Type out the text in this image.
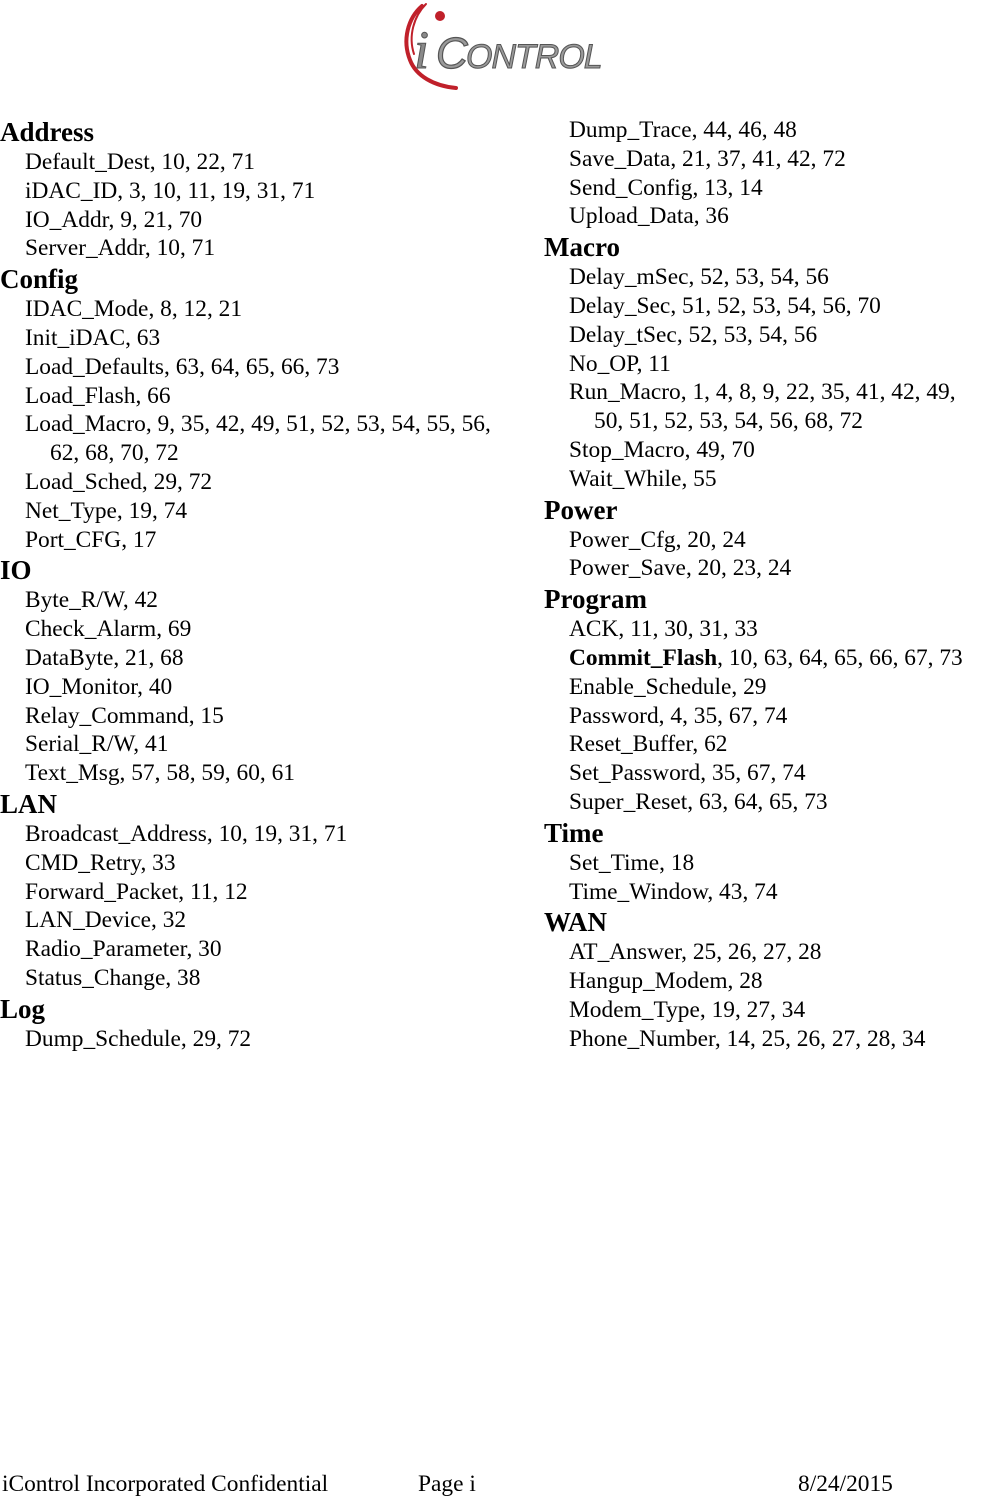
i C ONTROL
Address
Default_Dest, 10, 22, 71
iDAC_ID, 3, 10, 11, 19, 31, 71
IO_Addr, 9, 21, 70
Server_Addr, 10, 71
Config
IDAC_Mode, 8, 12, 21
Init_iDAC, 63
Load_Defaults, 63, 64, 65, 66, 73
Load_Flash, 66
Load_Macro, 9, 35, 42, 49, 51, 52, 53, 54, 55, 56, 62, 68, 70, 72
Load_Sched, 29, 72
Net_Type, 19, 74
Port_CFG, 17
IO
Byte_R/W, 42
Check_Alarm, 69
DataByte, 21, 68
IO_Monitor, 40
Relay_Command, 15
Serial_R/W, 41
Text_Msg, 57, 58, 59, 60, 61
LAN
Broadcast_Address, 10, 19, 31, 71
CMD_Retry, 33
Forward_Packet, 11, 12
LAN_Device, 32
Radio_Parameter, 30
Status_Change, 38
Log
Dump_Schedule, 29, 72
Dump_Trace, 44, 46, 48
Save_Data, 21, 37, 41, 42, 72
Send_Config, 13, 14
Upload_Data, 36
Macro
Delay_mSec, 52, 53, 54, 56
Delay_Sec, 51, 52, 53, 54, 56, 70
Delay_tSec, 52, 53, 54, 56
No_OP, 11
Run_Macro, 1, 4, 8, 9, 22, 35, 41, 42, 49, 50, 51, 52, 53, 54, 56, 68, 72
Stop_Macro, 49, 70
Wait_While, 55
Power
Power_Cfg, 20, 24
Power_Save, 20, 23, 24
Program
ACK, 11, 30, 31, 33
Commit_Flash, 10, 63, 64, 65, 66, 67, 73
Enable_Schedule, 29
Password, 4, 35, 67, 74
Reset_Buffer, 62
Set_Password, 35, 67, 74
Super_Reset, 63, 64, 65, 73
Time
Set_Time, 18
Time_Window, 43, 74
WAN
AT_Answer, 25, 26, 27, 28
Hangup_Modem, 28
Modem_Type, 19, 27, 34
Phone_Number, 14, 25, 26, 27, 28, 34
iControl Incorporated Confidential	Page i	8/24/2015
